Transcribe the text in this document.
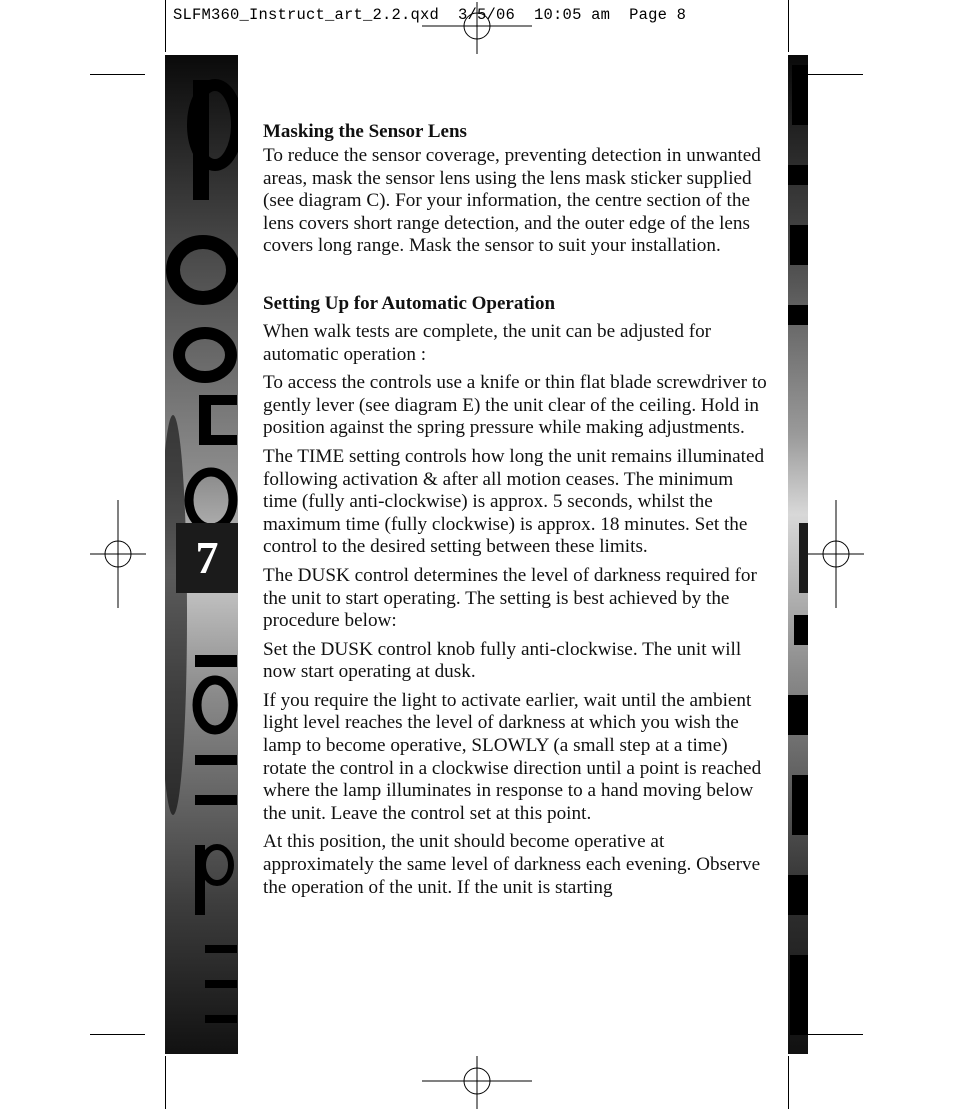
SLFM360_Instruct_art_2.2.qxd  3/5/06  10:05 am  Page 8
7
Masking the Sensor Lens

To reduce the sensor coverage, preventing detection in unwanted areas, mask the sensor lens using the lens mask sticker supplied (see diagram C). For your information, the centre section of the lens covers short range detection, and the outer edge of the lens covers long range. Mask the sensor to suit your installation.

Setting Up for Automatic Operation

When walk tests are complete, the unit can be adjusted for automatic operation :

To access the controls use a knife or thin flat blade screwdriver to gently lever (see diagram E) the unit clear of the ceiling. Hold in position against the spring pressure while making adjustments.

The TIME setting controls how long the unit remains illuminated following activation & after all motion ceases. The minimum time (fully anti-clockwise) is approx. 5 seconds, whilst the maximum time (fully clockwise) is approx. 18 minutes. Set the control to the desired setting between these limits.

The DUSK control determines the level of darkness required for the unit to start operating. The setting is best achieved by the procedure below:

Set the DUSK control knob fully anti-clockwise. The unit will now start operating at dusk.

If you require the light to activate earlier, wait until the ambient light level reaches the level of darkness at which you wish the lamp to become operative, SLOWLY (a small step at a time) rotate the control in a clockwise direction until a point is reached where the lamp illuminates in response to a hand moving below the unit. Leave the control set at this point.

At this position, the unit should become operative at approximately the same level of darkness each evening. Observe the operation of the unit. If the unit is starting
